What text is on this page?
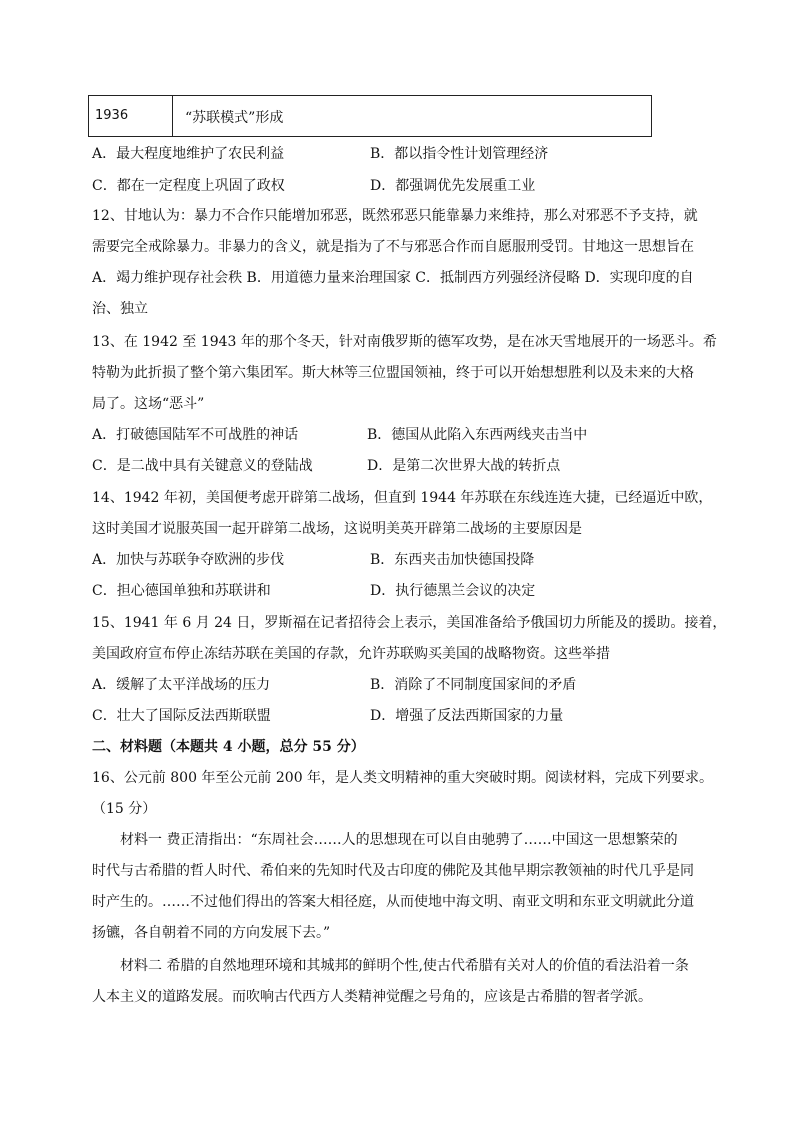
1936	“苏联模式”形成
A．最大程度地维护了农民利益	B．都以指令性计划管理经济
C．都在一定程度上巩固了政权	D．都强调优先发展重工业
12、甘地认为：暴力不合作只能增加邪恶，既然邪恶只能靠暴力来维持，那么对邪恶不予支持，就
需要完全戒除暴力。非暴力的含义，就是指为了不与邪恶合作而自愿服刑受罚。甘地这一思想旨在
A．竭力维护现存社会秩 B．用道德力量来治理国家 C．抵制西方列强经济侵略 D．实现印度的自
治、独立
13、在 1942 至 1943 年的那个冬天，针对南俄罗斯的德军攻势，是在冰天雪地展开的一场恶斗。希
特勒为此折损了整个第六集团军。斯大林等三位盟国领袖，终于可以开始想想胜利以及未来的大格
局了。这场“恶斗”
A．打破德国陆军不可战胜的神话	B．德国从此陷入东西两线夹击当中
C．是二战中具有关键意义的登陆战	D．是第二次世界大战的转折点
14、1942 年初，美国便考虑开辟第二战场，但直到 1944 年苏联在东线连连大捷，已经逼近中欧，
这时美国才说服英国一起开辟第二战场，这说明美英开辟第二战场的主要原因是
A．加快与苏联争夺欧洲的步伐	B．东西夹击加快德国投降
C．担心德国单独和苏联讲和	D．执行德黑兰会议的决定
15、1941 年 6 月 24 日，罗斯福在记者招待会上表示，美国准备给予俄国切力所能及的援助。接着，
美国政府宣布停止冻结苏联在美国的存款，允许苏联购买美国的战略物资。这些举措
A．缓解了太平洋战场的压力	B．消除了不同制度国家间的矛盾
C．壮大了国际反法西斯联盟	D．增强了反法西斯国家的力量
二、材料题（本题共 4 小题，总分 55 分）
16、公元前 800 年至公元前 200 年，是人类文明精神的重大突破时期。阅读材料，完成下列要求。
（15 分）
材料一 费正清指出：“东周社会……人的思想现在可以自由驰骋了……中国这一思想繁荣的
时代与古希腊的哲人时代、希伯来的先知时代及古印度的佛陀及其他早期宗教领袖的时代几乎是同
时产生的。……不过他们得出的答案大相径庭，从而使地中海文明、南亚文明和东亚文明就此分道
扬镳，各自朝着不同的方向发展下去。”
材料二 希腊的自然地理环境和其城邦的鲜明个性,使古代希腊有关对人的价值的看法沿着一条
人本主义的道路发展。而吹响古代西方人类精神觉醒之号角的，应该是古希腊的智者学派。
